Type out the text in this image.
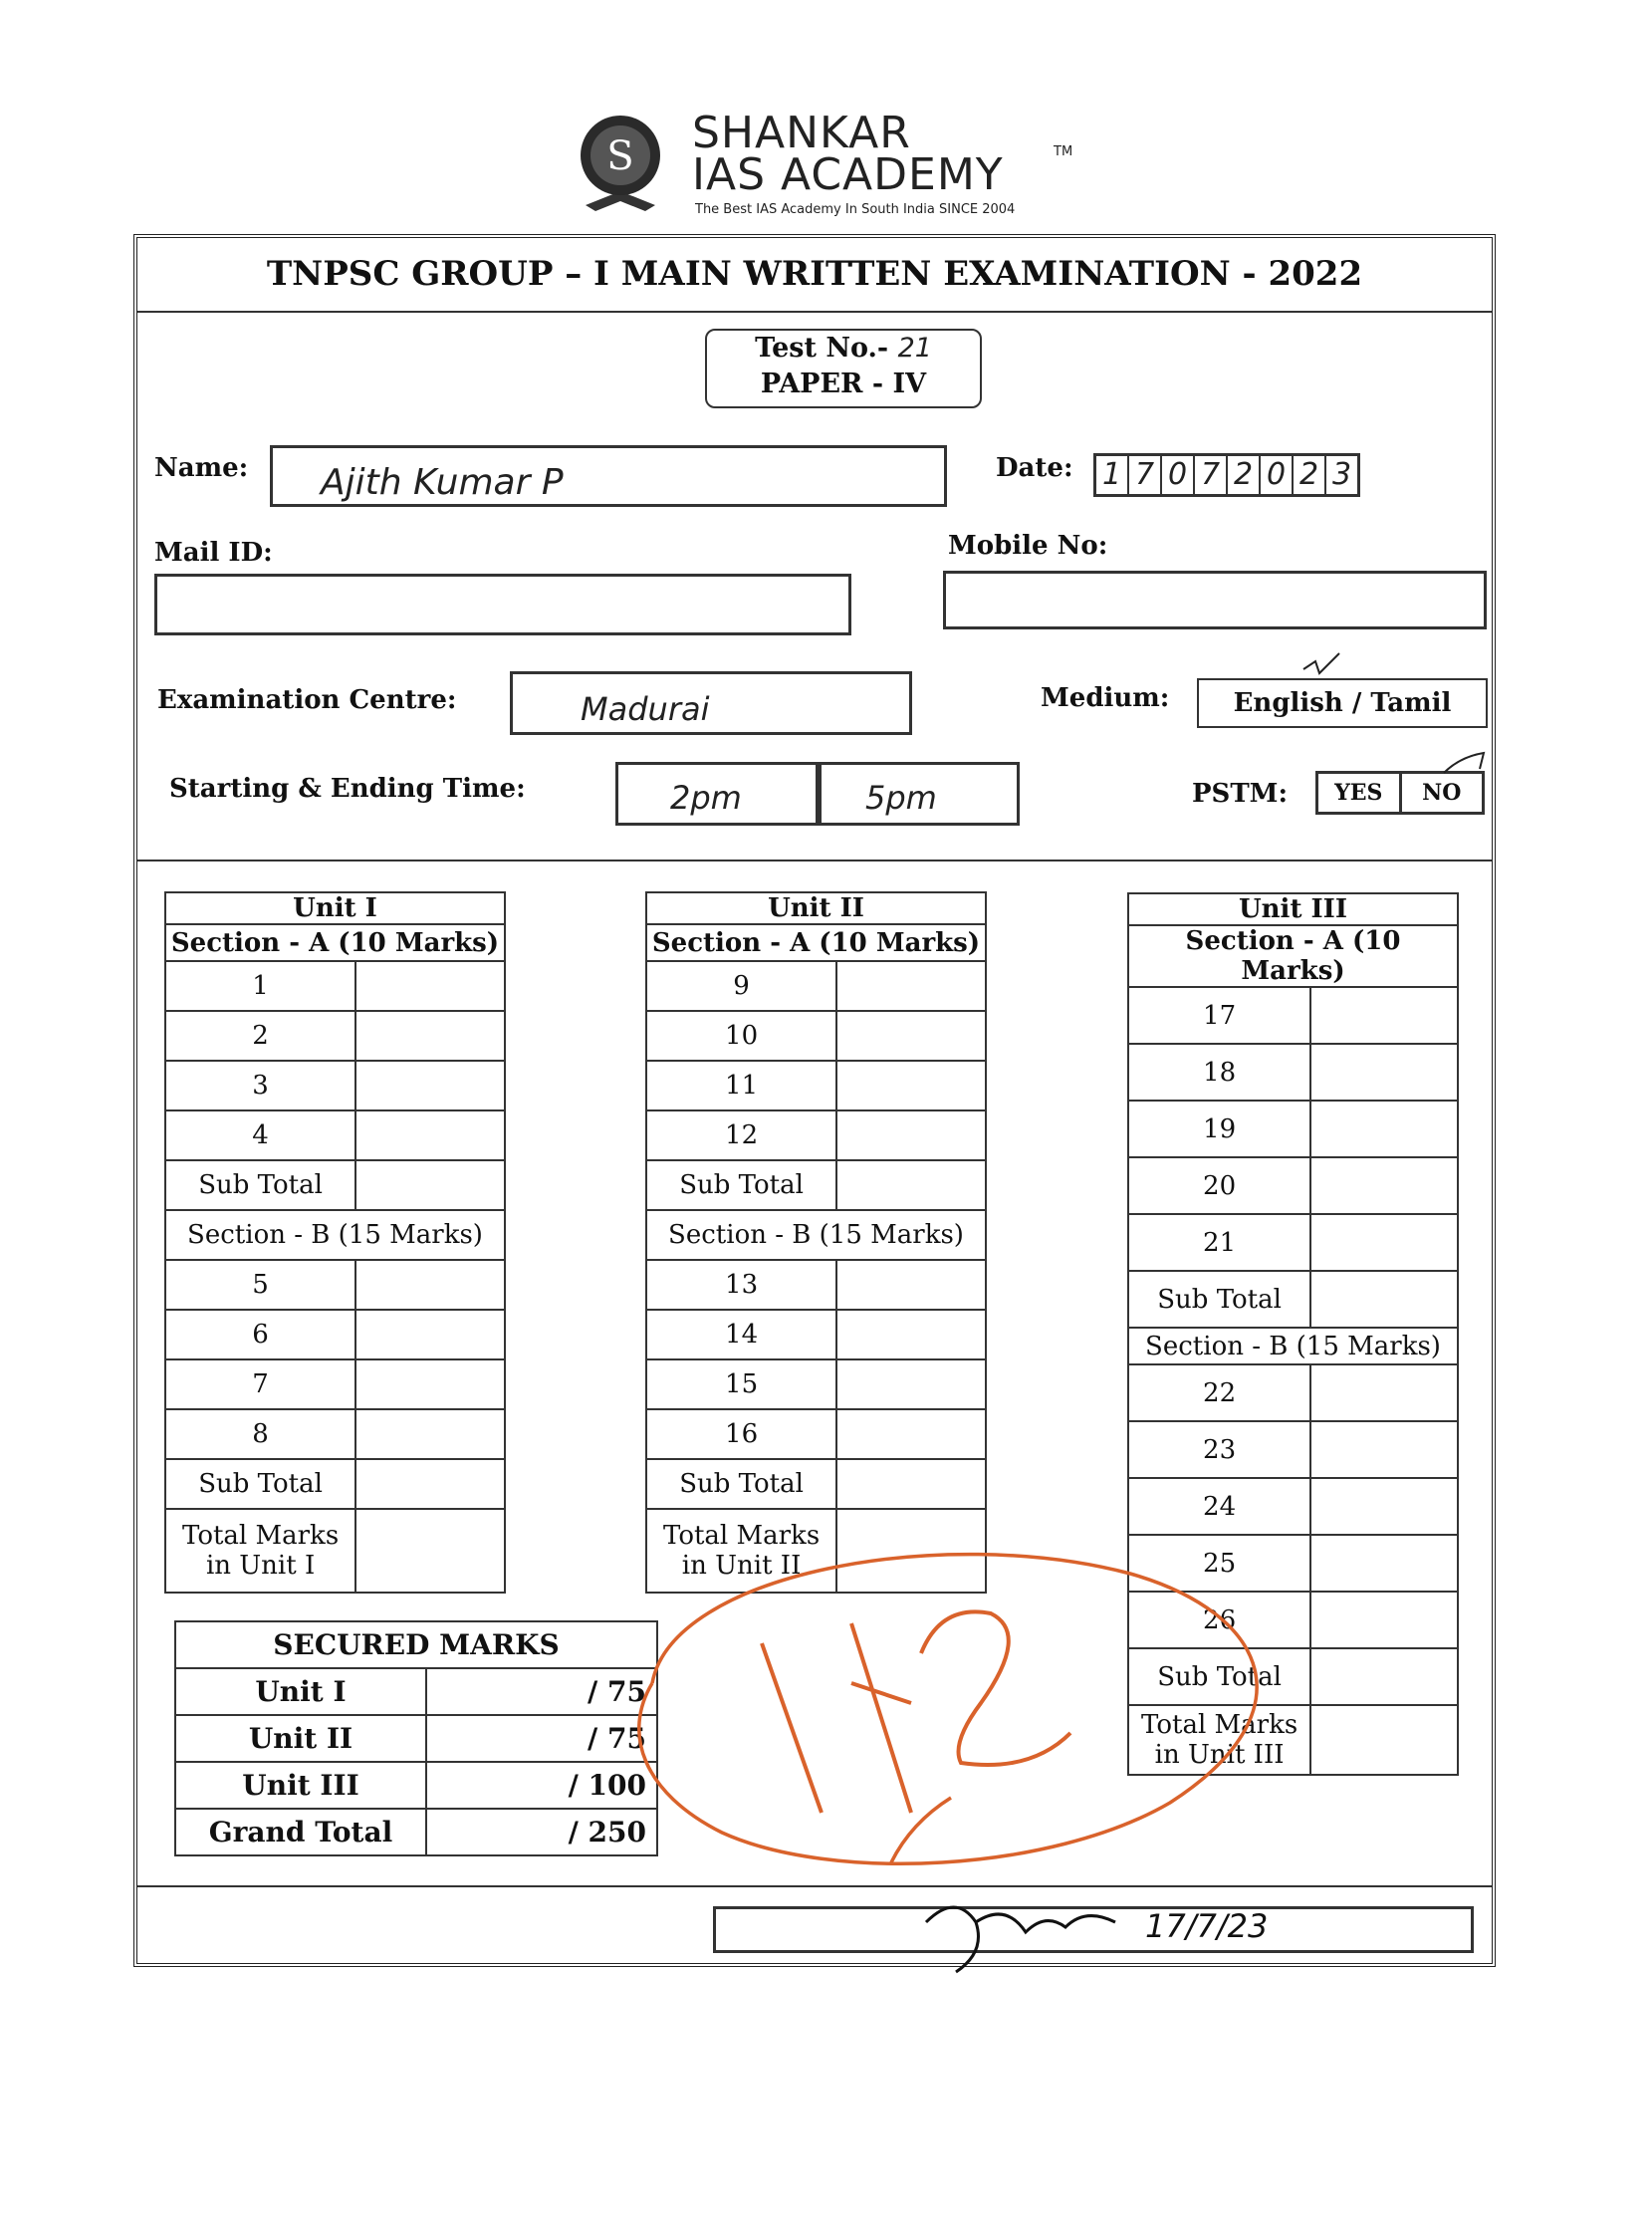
S SHANKAR
IAS ACADEMY	TM
The Best IAS Academy In South India SINCE 2004
TNPSC GROUP – I MAIN WRITTEN EXAMINATION - 2022
Test No.- 21
PAPER - IV
Name: Ajith Kumar P	Date: 1 7 0 7 2 0 2 3
Mail ID:	Mobile No:
Examination Centre:	Madurai	Medium:	English / Tamil
Starting & Ending Time:	2pm	5pm	PSTM:	YES	NO
Unit I	
Section - A (10 Marks)	
1	
2	
3	
4	
Sub Total	
Section - B (15 Marks)	
5	
6	
7	
8	
Sub Total	
Total Marks
in Unit I	
Unit II	
Section - A (10 Marks)	
9	
10	
11	
12	
Sub Total	
Section - B (15 Marks)	
13	
14	
15	
16	
Sub Total	
Total Marks
in Unit II	
Unit III	
Section - A (10 Marks)	
17	
18	
19	
20	
21	
Sub Total	
Section - B (15 Marks)	
22	
23	
24	
25	
26	
Sub Total	
Total Marks
in Unit III	
SECURED MARKS	
Unit I	/ 75
Unit II	/ 75
Unit III	/ 100
Grand Total	/ 250
17/7/23
